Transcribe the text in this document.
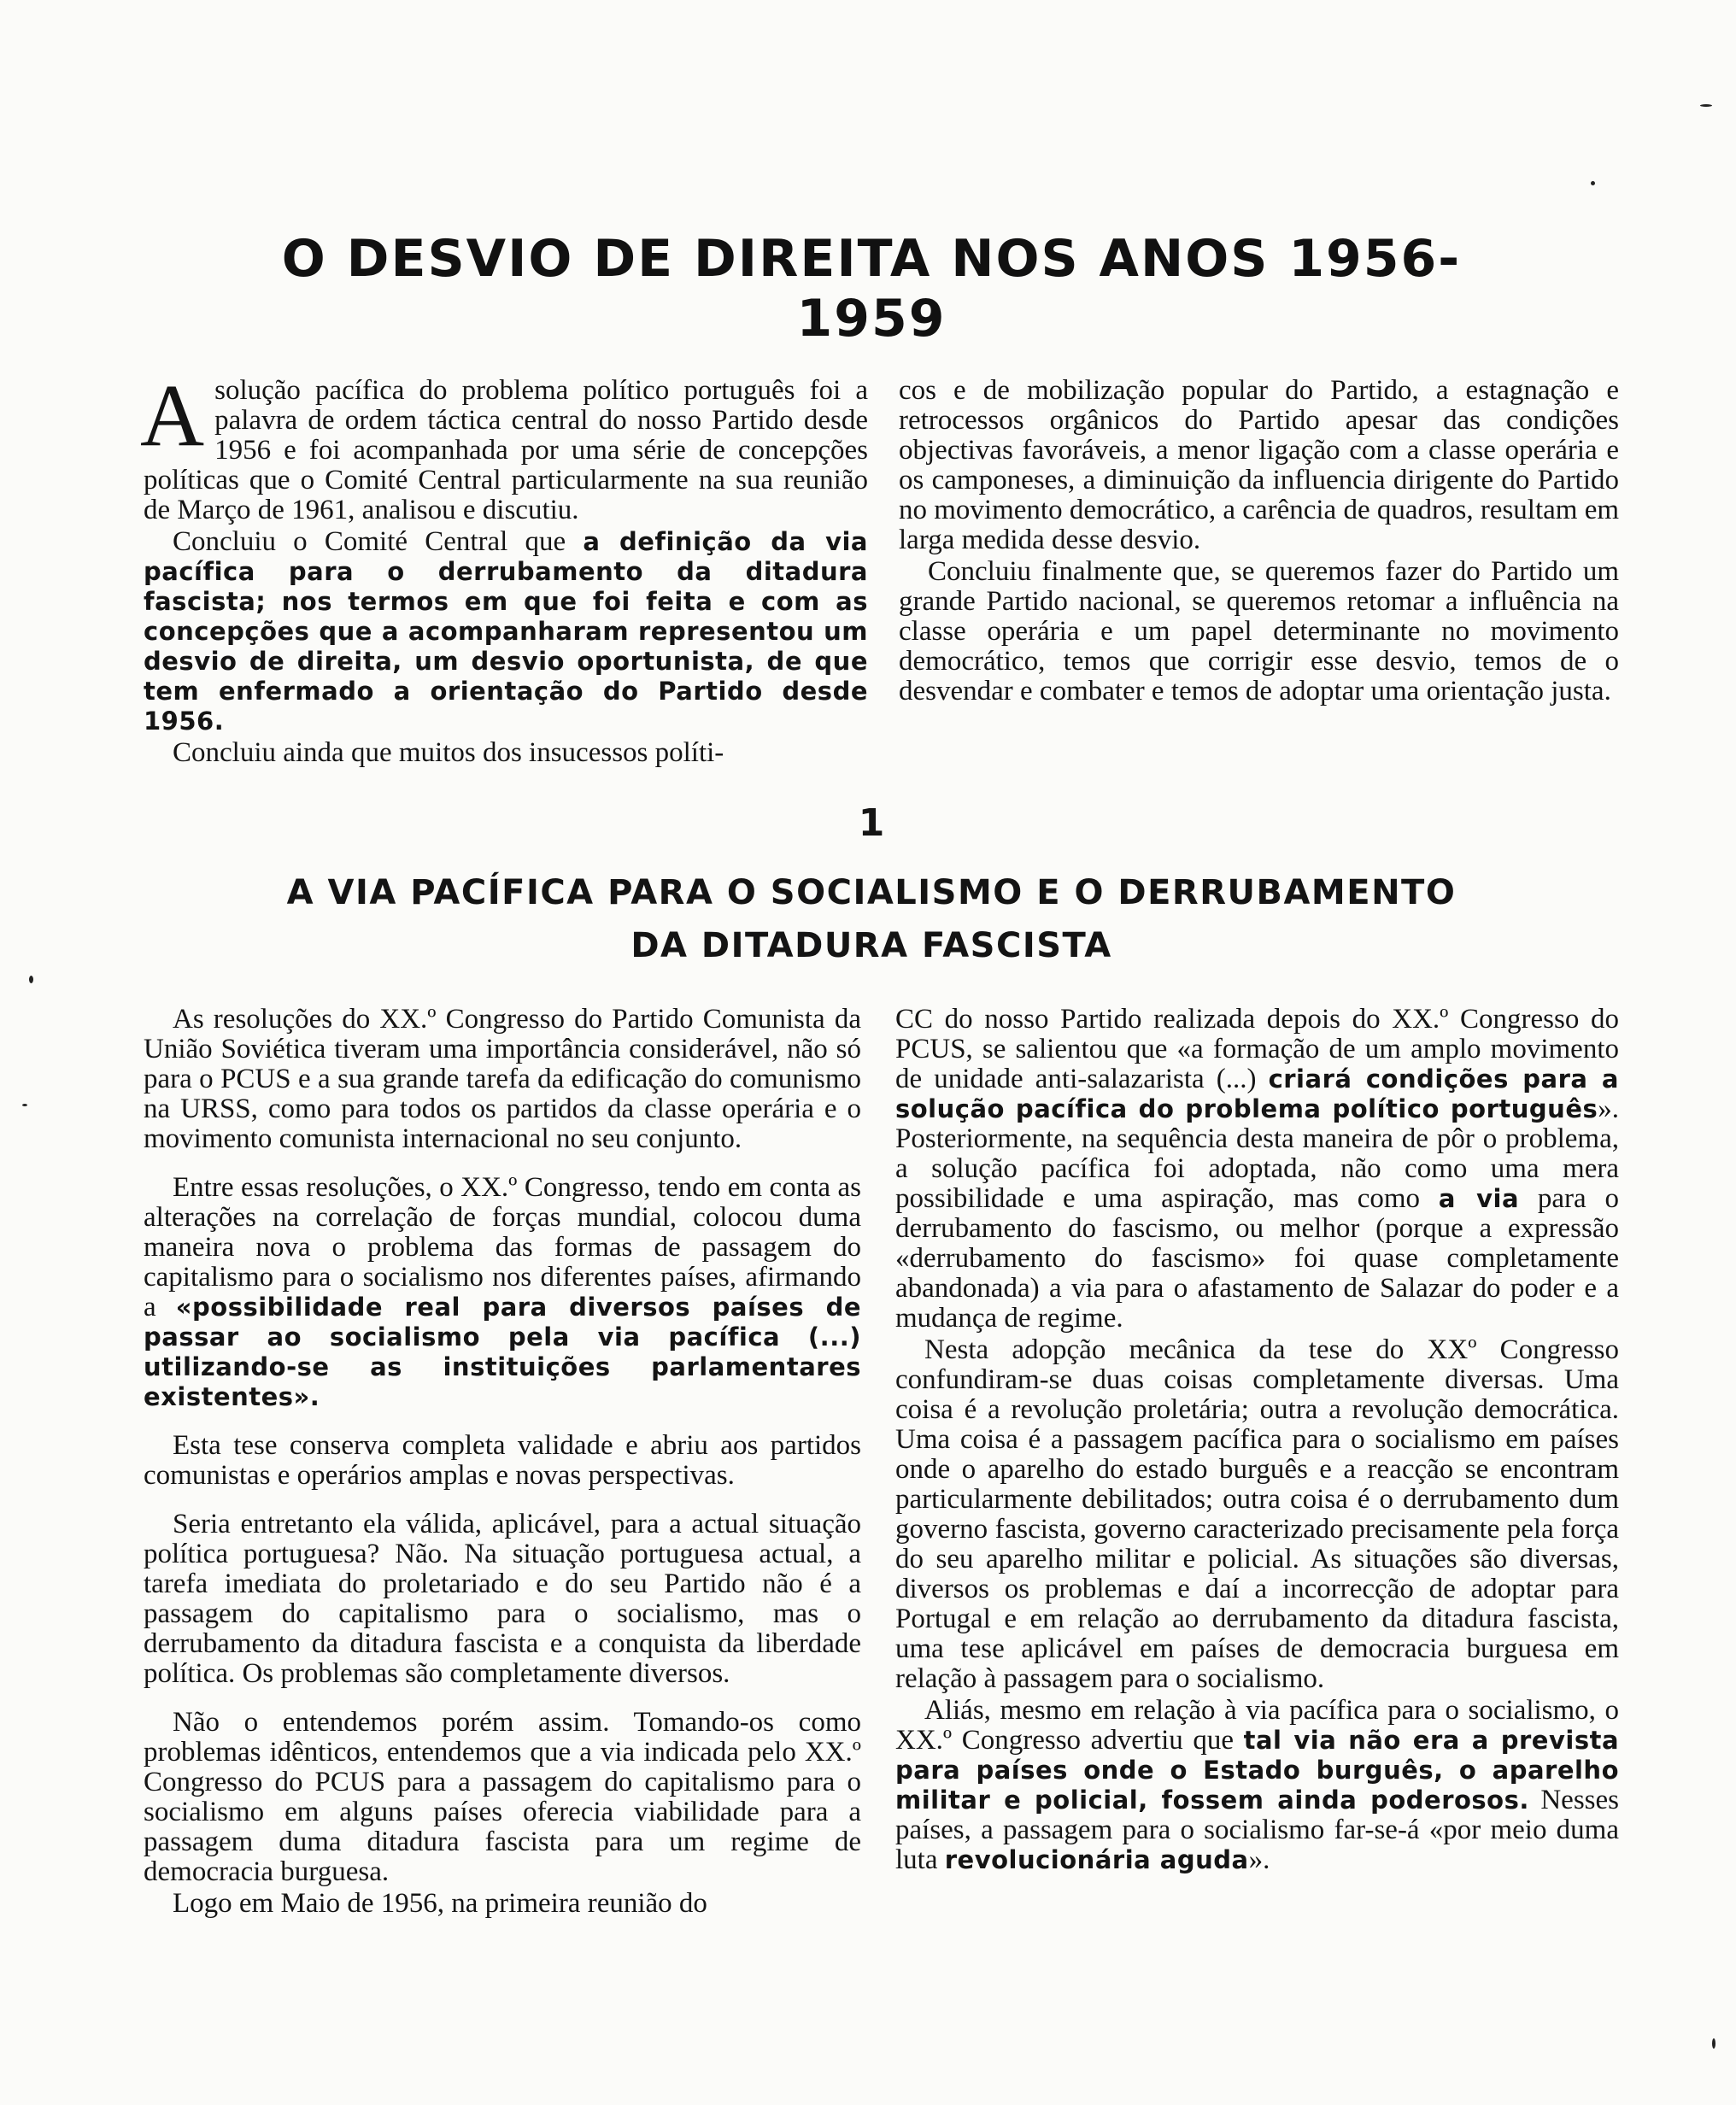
O DESVIO DE DIREITA NOS ANOS 1956-1959

Asolução pacífica do problema político português foi a palavra de ordem táctica central do nosso Partido desde 1956 e foi acompanhada por uma série de concepções políticas que o Comité Central particularmente na sua reunião de Março de 1961, analisou e discutiu.

Concluiu o Comité Central que a definição da via pacífica para o derrubamento da ditadura fascista; nos termos em que foi feita e com as concepções que a acompanharam representou um desvio de direita, um desvio oportunista, de que tem enfermado a orientação do Partido desde 1956.

Concluiu ainda que muitos dos insucessos políti-

cos e de mobilização popular do Partido, a estagnação e retrocessos orgânicos do Partido apesar das condições objectivas favoráveis, a menor ligação com a classe operária e os camponeses, a diminuição da influencia dirigente do Partido no movimento democrático, a carência de quadros, resultam em larga medida desse desvio.

Concluiu finalmente que, se queremos fazer do Partido um grande Partido nacional, se queremos retomar a influência na classe operária e um papel determinante no movimento democrático, temos que corrigir esse desvio, temos de o desvendar e combater e temos de adoptar uma orientação justa.

1
A VIA PACÍFICA PARA O SOCIALISMO E O DERRUBAMENTO
DA DITADURA FASCISTA

As resoluções do XX.º Congresso do Partido Comunista da União Soviética tiveram uma importância considerável, não só para o PCUS e a sua grande tarefa da edificação do comunismo na URSS, como para todos os partidos da classe operária e o movimento comunista internacional no seu conjunto.

Entre essas resoluções, o XX.º Congresso, tendo em conta as alterações na correlação de forças mundial, colocou duma maneira nova o problema das formas de passagem do capitalismo para o socialismo nos diferentes países, afirmando a «possibilidade real para diversos países de passar ao socialismo pela via pacífica (...) utilizando-se as instituições parlamentares existentes».

Esta tese conserva completa validade e abriu aos partidos comunistas e operários amplas e novas perspectivas.

Seria entretanto ela válida, aplicável, para a actual situação política portuguesa? Não. Na situação portuguesa actual, a tarefa imediata do proletariado e do seu Partido não é a passagem do capitalismo para o socialismo, mas o derrubamento da ditadura fascista e a conquista da liberdade política. Os problemas são completamente diversos.

Não o entendemos porém assim. Tomando-os como problemas idênticos, entendemos que a via indicada pelo XX.º Congresso do PCUS para a passagem do capitalismo para o socialismo em alguns países oferecia viabilidade para a passagem duma ditadura fascista para um regime de democracia burguesa.

Logo em Maio de 1956, na primeira reunião do

CC do nosso Partido realizada depois do XX.º Congresso do PCUS, se salientou que «a formação de um amplo movimento de unidade anti-salazarista (...) criará condições para a solução pacífica do problema político português». Posteriormente, na sequência desta maneira de pôr o problema, a solução pacífica foi adoptada, não como uma mera possibilidade e uma aspiração, mas como a via para o derrubamento do fascismo, ou melhor (porque a expressão «derrubamento do fascismo» foi quase completamente abandonada) a via para o afastamento de Salazar do poder e a mudança de regime.

Nesta adopção mecânica da tese do XXº Congresso confundiram-se duas coisas completamente diversas. Uma coisa é a revolução proletária; outra a revolução democrática. Uma coisa é a passagem pacífica para o socialismo em países onde o aparelho do estado burguês e a reacção se encontram particularmente debilitados; outra coisa é o derrubamento dum governo fascista, governo caracterizado precisamente pela força do seu aparelho militar e policial. As situações são diversas, diversos os problemas e daí a incorrecção de adoptar para Portugal e em relação ao derrubamento da ditadura fascista, uma tese aplicável em países de democracia burguesa em relação à passagem para o socialismo.

Aliás, mesmo em relação à via pacífica para o socialismo, o XX.º Congresso advertiu que tal via não era a prevista para países onde o Estado burguês, o aparelho militar e policial, fossem ainda poderosos. Nesses países, a passagem para o socialismo far-se-á «por meio duma luta revolucionária aguda».
